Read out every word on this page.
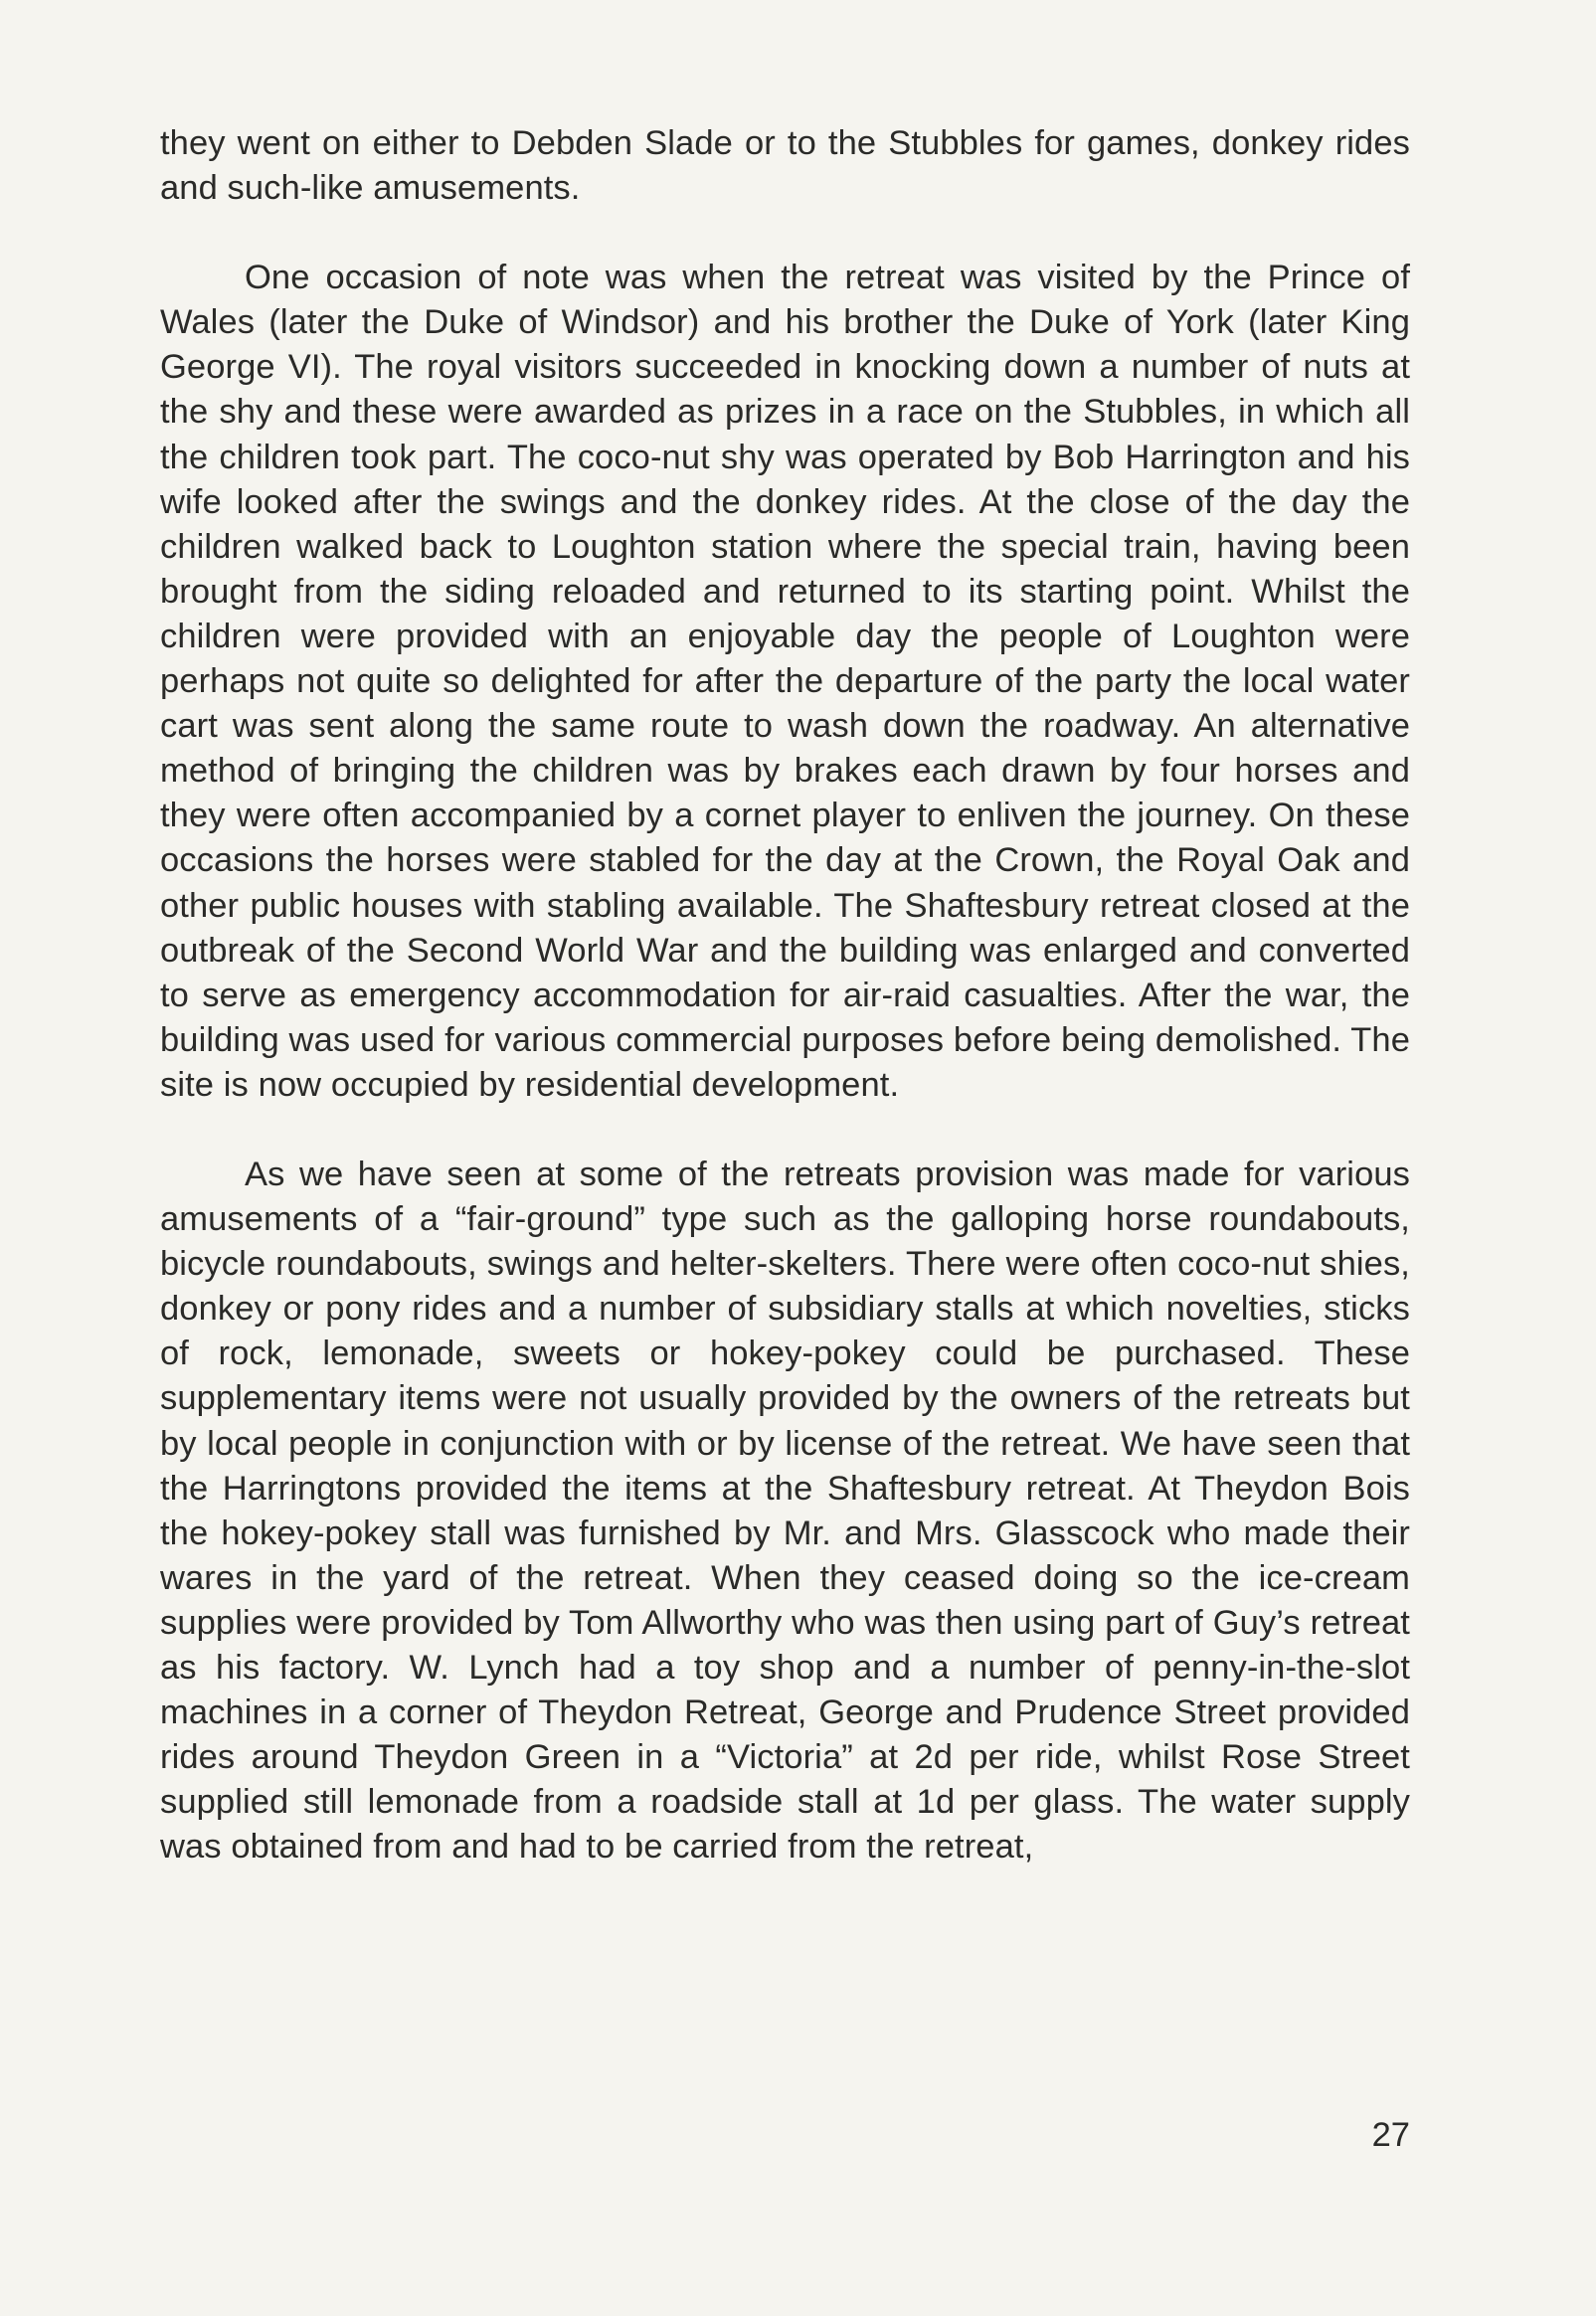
they went on either to Debden Slade or to the Stubbles for games, donkey rides and such-like amusements.

One occasion of note was when the retreat was visited by the Prince of Wales (later the Duke of Windsor) and his brother the Duke of York (later King George VI). The royal visitors succeeded in knocking down a number of nuts at the shy and these were awarded as prizes in a race on the Stubbles, in which all the children took part. The coco-nut shy was operated by Bob Harrington and his wife looked after the swings and the donkey rides. At the close of the day the children walked back to Loughton station where the special train, having been brought from the siding reloaded and returned to its starting point. Whilst the children were provided with an enjoyable day the people of Loughton were perhaps not quite so delighted for after the departure of the party the local water cart was sent along the same route to wash down the roadway. An alternative method of bringing the children was by brakes each drawn by four horses and they were often accompanied by a cornet player to enliven the journey. On these occasions the horses were stabled for the day at the Crown, the Royal Oak and other public houses with stabling available. The Shaftesbury retreat closed at the outbreak of the Second World War and the building was enlarged and converted to serve as emergency accommodation for air-raid casualties. After the war, the building was used for various commercial purposes before being demolished. The site is now occupied by residential development.

As we have seen at some of the retreats provision was made for various amusements of a “fair-ground” type such as the galloping horse roundabouts, bicycle roundabouts, swings and helter-skelters. There were often coco-nut shies, donkey or pony rides and a number of subsidiary stalls at which novelties, sticks of rock, lemonade, sweets or hokey-pokey could be purchased. These supplementary items were not usually provided by the owners of the retreats but by local people in conjunction with or by license of the retreat. We have seen that the Harringtons provided the items at the Shaftesbury retreat. At Theydon Bois the hokey-pokey stall was furnished by Mr. and Mrs. Glasscock who made their wares in the yard of the retreat. When they ceased doing so the ice-cream supplies were provided by Tom Allworthy who was then using part of Guy’s retreat as his factory. W. Lynch had a toy shop and a number of penny-in-the-slot machines in a corner of Theydon Retreat, George and Prudence Street provided rides around Theydon Green in a “Victoria” at 2d per ride, whilst Rose Street supplied still lemonade from a roadside stall at 1d per glass. The water supply was obtained from and had to be carried from the retreat,

27
